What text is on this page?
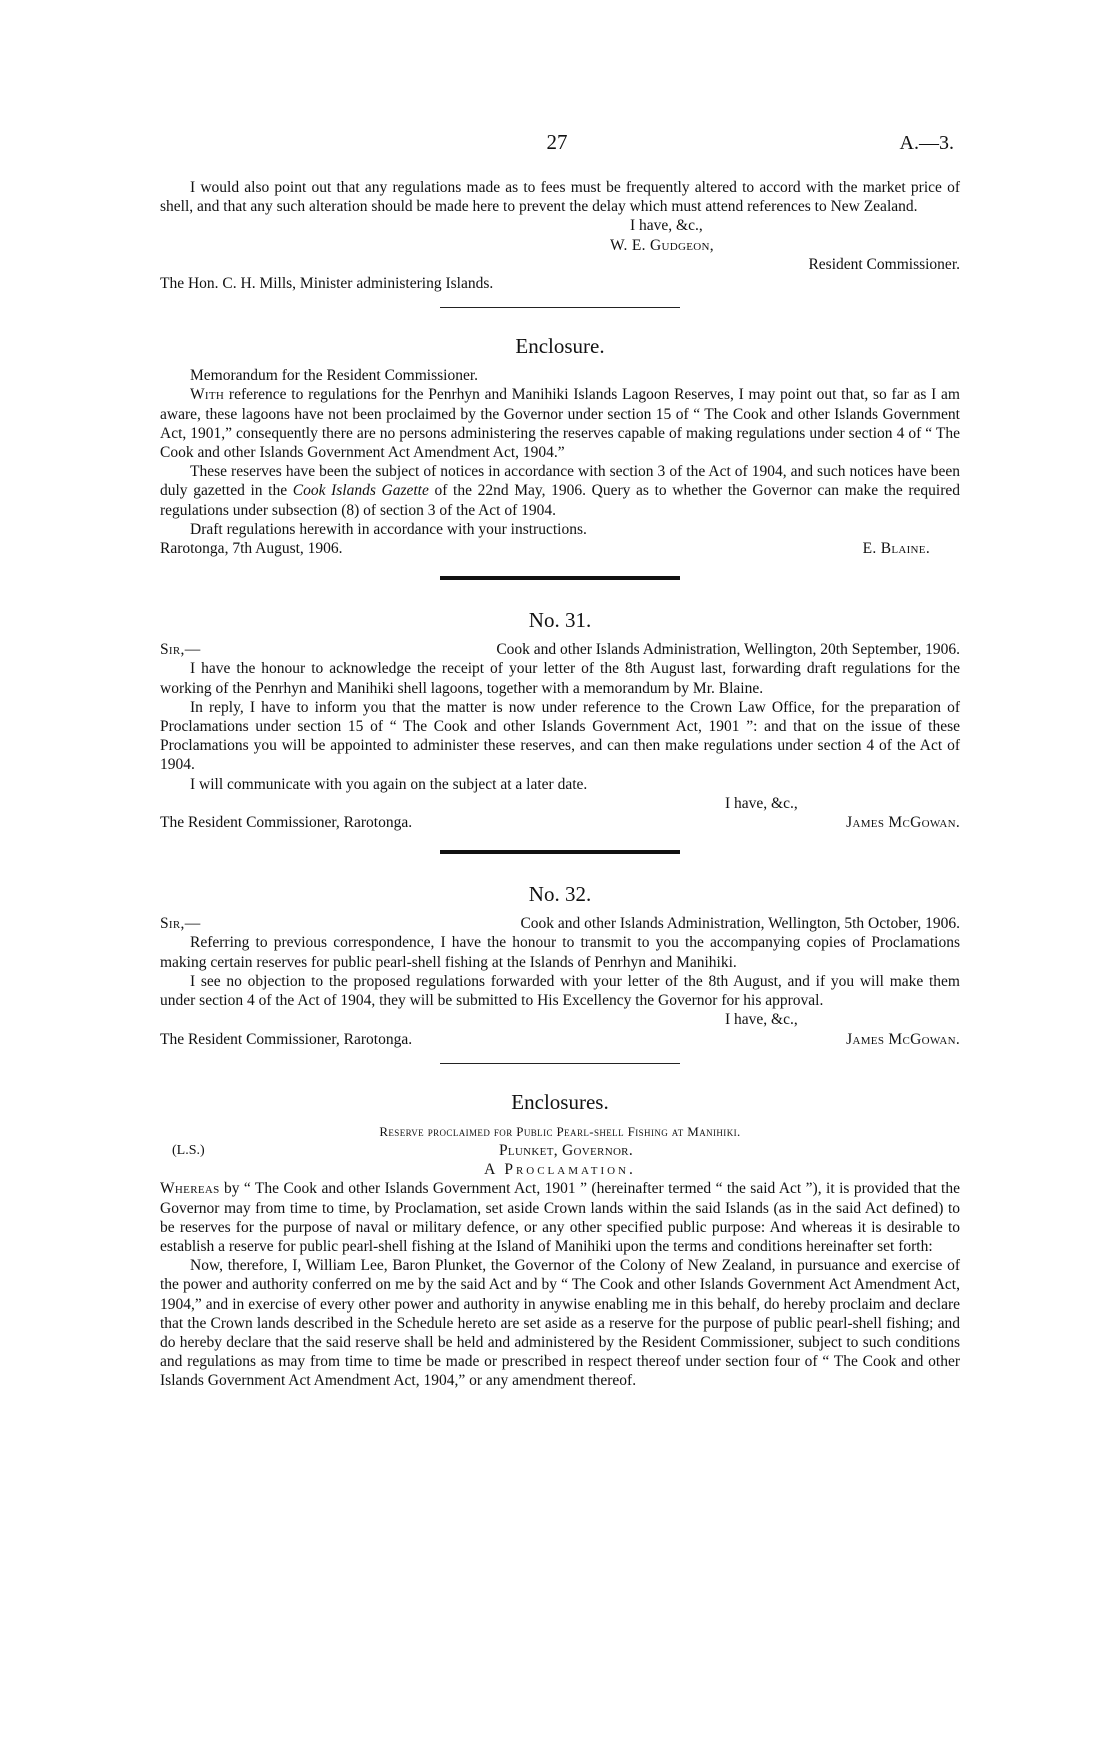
27	A.—3.

I would also point out that any regulations made as to fees must be frequently altered to accord with the market price of shell, and that any such alteration should be made here to prevent the delay which must attend references to New Zealand.

I have, &c.,
W. E. Gudgeon,
Resident Commissioner.
The Hon. C. H. Mills, Minister administering Islands.
Enclosure.

Memorandum for the Resident Commissioner.

With reference to regulations for the Penrhyn and Manihiki Islands Lagoon Reserves, I may point out that, so far as I am aware, these lagoons have not been proclaimed by the Governor under section 15 of “ The Cook and other Islands Government Act, 1901,” consequently there are no persons administering the reserves capable of making regulations under section 4 of “ The Cook and other Islands Government Act Amendment Act, 1904.”

These reserves have been the subject of notices in accordance with section 3 of the Act of 1904, and such notices have been duly gazetted in the Cook Islands Gazette of the 22nd May, 1906. Query as to whether the Governor can make the required regulations under subsection (8) of section 3 of the Act of 1904.

Draft regulations herewith in accordance with your instructions.

Rarotonga, 7th August, 1906.	E. Blaine.
No. 31.
Sir,—	Cook and other Islands Administration, Wellington, 20th September, 1906.

I have the honour to acknowledge the receipt of your letter of the 8th August last, forwarding draft regulations for the working of the Penrhyn and Manihiki shell lagoons, together with a memorandum by Mr. Blaine.

In reply, I have to inform you that the matter is now under reference to the Crown Law Office, for the preparation of Proclamations under section 15 of “ The Cook and other Islands Government Act, 1901 ”: and that on the issue of these Proclamations you will be appointed to administer these reserves, and can then make regulations under section 4 of the Act of 1904.

I will communicate with you again on the subject at a later date.

I have, &c.,
The Resident Commissioner, Rarotonga.	James McGowan.
No. 32.
Sir,—	Cook and other Islands Administration, Wellington, 5th October, 1906.

Referring to previous correspondence, I have the honour to transmit to you the accompanying copies of Proclamations making certain reserves for public pearl-shell fishing at the Islands of Penrhyn and Manihiki.

I see no objection to the proposed regulations forwarded with your letter of the 8th August, and if you will make them under section 4 of the Act of 1904, they will be submitted to His Excellency the Governor for his approval.

I have, &c.,
The Resident Commissioner, Rarotonga.	James McGowan.
Enclosures.
Reserve proclaimed for Public Pearl-shell Fishing at Manihiki.
(L.S.)	Plunket, Governor.
A Proclamation.

Whereas by “ The Cook and other Islands Government Act, 1901 ” (hereinafter termed “ the said Act ”), it is provided that the Governor may from time to time, by Proclamation, set aside Crown lands within the said Islands (as in the said Act defined) to be reserves for the purpose of naval or military defence, or any other specified public purpose: And whereas it is desirable to establish a reserve for public pearl-shell fishing at the Island of Manihiki upon the terms and conditions hereinafter set forth:

Now, therefore, I, William Lee, Baron Plunket, the Governor of the Colony of New Zealand, in pursuance and exercise of the power and authority conferred on me by the said Act and by “ The Cook and other Islands Government Act Amendment Act, 1904,” and in exercise of every other power and authority in anywise enabling me in this behalf, do hereby proclaim and declare that the Crown lands described in the Schedule hereto are set aside as a reserve for the purpose of public pearl-shell fishing; and do hereby declare that the said reserve shall be held and administered by the Resident Commissioner, subject to such conditions and regulations as may from time to time be made or prescribed in respect thereof under section four of “ The Cook and other Islands Government Act Amendment Act, 1904,” or any amendment thereof.
